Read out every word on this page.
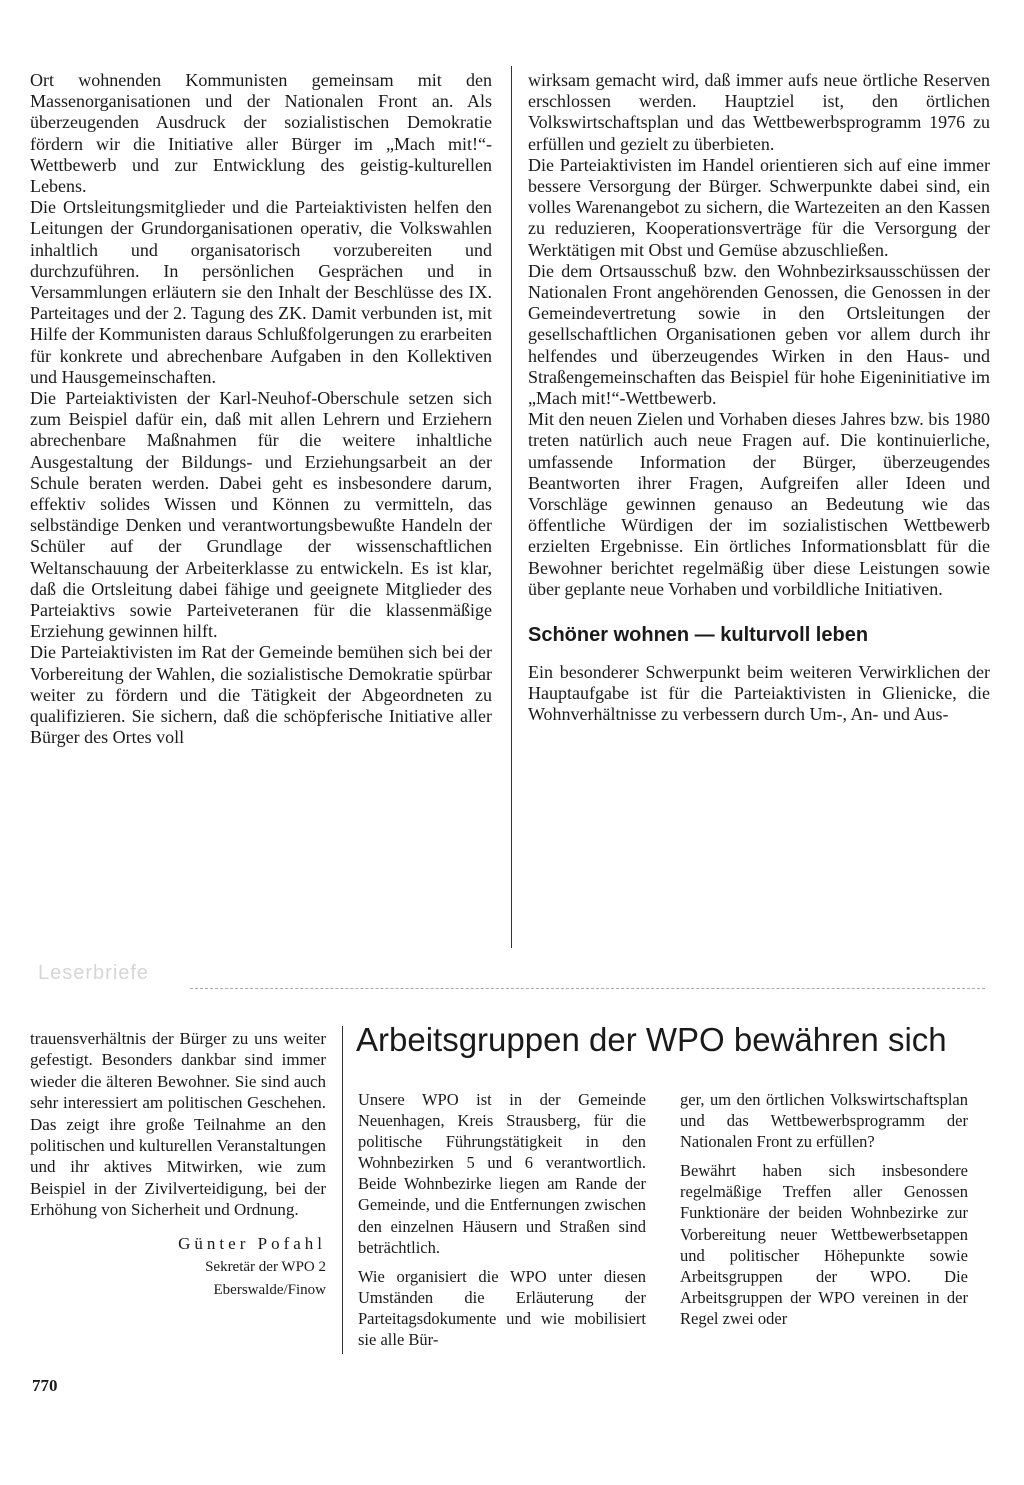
Ort wohnenden Kommunisten gemeinsam mit den Massenorganisationen und der Nationalen Front an. Als überzeugenden Ausdruck der sozialistischen Demokratie fördern wir die Initiative aller Bürger im „Mach mit!“-Wettbewerb und zur Entwicklung des geistig-kulturellen Lebens.

Die Ortsleitungsmitglieder und die Parteiaktivisten helfen den Leitungen der Grundorganisationen operativ, die Volkswahlen inhaltlich und organisatorisch vorzubereiten und durchzuführen. In persönlichen Gesprächen und in Versammlungen erläutern sie den Inhalt der Beschlüsse des IX. Parteitages und der 2. Tagung des ZK. Damit verbunden ist, mit Hilfe der Kommunisten daraus Schlußfolgerungen zu erarbeiten für konkrete und abrechenbare Aufgaben in den Kollektiven und Hausgemeinschaften.

Die Parteiaktivisten der Karl-Neuhof-Oberschule setzen sich zum Beispiel dafür ein, daß mit allen Lehrern und Erziehern abrechenbare Maßnahmen für die weitere inhaltliche Ausgestaltung der Bildungs- und Erziehungsarbeit an der Schule beraten werden. Dabei geht es insbesondere darum, effektiv solides Wissen und Können zu vermitteln, das selbständige Denken und verantwortungsbewußte Handeln der Schüler auf der Grundlage der wissenschaftlichen Weltanschauung der Arbeiterklasse zu entwickeln. Es ist klar, daß die Ortsleitung dabei fähige und geeignete Mitglieder des Parteiaktivs sowie Parteiveteranen für die klassenmäßige Erziehung gewinnen hilft.

Die Parteiaktivisten im Rat der Gemeinde bemühen sich bei der Vorbereitung der Wahlen, die sozialistische Demokratie spürbar weiter zu fördern und die Tätigkeit der Abgeordneten zu qualifizieren. Sie sichern, daß die schöpferische Initiative aller Bürger des Ortes voll

wirksam gemacht wird, daß immer aufs neue örtliche Reserven erschlossen werden. Hauptziel ist, den örtlichen Volkswirtschaftsplan und das Wettbewerbsprogramm 1976 zu erfüllen und gezielt zu überbieten.

Die Parteiaktivisten im Handel orientieren sich auf eine immer bessere Versorgung der Bürger. Schwerpunkte dabei sind, ein volles Warenangebot zu sichern, die Wartezeiten an den Kassen zu reduzieren, Kooperationsverträge für die Versorgung der Werktätigen mit Obst und Gemüse abzuschließen.

Die dem Ortsausschuß bzw. den Wohnbezirksausschüssen der Nationalen Front angehörenden Genossen, die Genossen in der Gemeindevertretung sowie in den Ortsleitungen der gesellschaftlichen Organisationen geben vor allem durch ihr helfendes und überzeugendes Wirken in den Haus- und Straßengemeinschaften das Beispiel für hohe Eigeninitiative im „Mach mit!“-Wettbewerb.

Mit den neuen Zielen und Vorhaben dieses Jahres bzw. bis 1980 treten natürlich auch neue Fragen auf. Die kontinuierliche, umfassende Information der Bürger, überzeugendes Beantworten ihrer Fragen, Aufgreifen aller Ideen und Vorschläge gewinnen genauso an Bedeutung wie das öffentliche Würdigen der im sozialistischen Wettbewerb erzielten Ergebnisse. Ein örtliches Informationsblatt für die Bewohner berichtet regelmäßig über diese Leistungen sowie über geplante neue Vorhaben und vorbildliche Initiativen.

Schöner wohnen — kulturvoll leben

Ein besonderer Schwerpunkt beim weiteren Verwirklichen der Hauptaufgabe ist für die Parteiaktivisten in Glienicke, die Wohnverhältnisse zu verbessern durch Um-, An- und Aus-

Leserbriefe

trauensverhältnis der Bürger zu uns weiter gefestigt. Besonders dankbar sind immer wieder die älteren Bewohner. Sie sind auch sehr interessiert am politischen Geschehen. Das zeigt ihre große Teilnahme an den politischen und kulturellen Veranstaltungen und ihr aktives Mitwirken, wie zum Beispiel in der Zivilverteidigung, bei der Erhöhung von Sicherheit und Ordnung.

Günter Pofahl

Sekretär der WPO 2

Eberswalde/Finow

Arbeitsgruppen der WPO bewähren sich

Unsere WPO ist in der Gemeinde Neuenhagen, Kreis Strausberg, für die politische Führungstätigkeit in den Wohnbezirken 5 und 6 verantwortlich. Beide Wohnbezirke liegen am Rande der Gemeinde, und die Entfernungen zwischen den einzelnen Häusern und Straßen sind beträchtlich.

Wie organisiert die WPO unter diesen Umständen die Erläuterung der Parteitagsdokumente und wie mobilisiert sie alle Bür-

ger, um den örtlichen Volkswirtschaftsplan und das Wettbewerbsprogramm der Nationalen Front zu erfüllen?

Bewährt haben sich insbesondere regelmäßige Treffen aller Genossen Funktionäre der beiden Wohnbezirke zur Vorbereitung neuer Wettbewerbsetappen und politischer Höhepunkte sowie Arbeitsgruppen der WPO. Die Arbeitsgruppen der WPO vereinen in der Regel zwei oder

770
